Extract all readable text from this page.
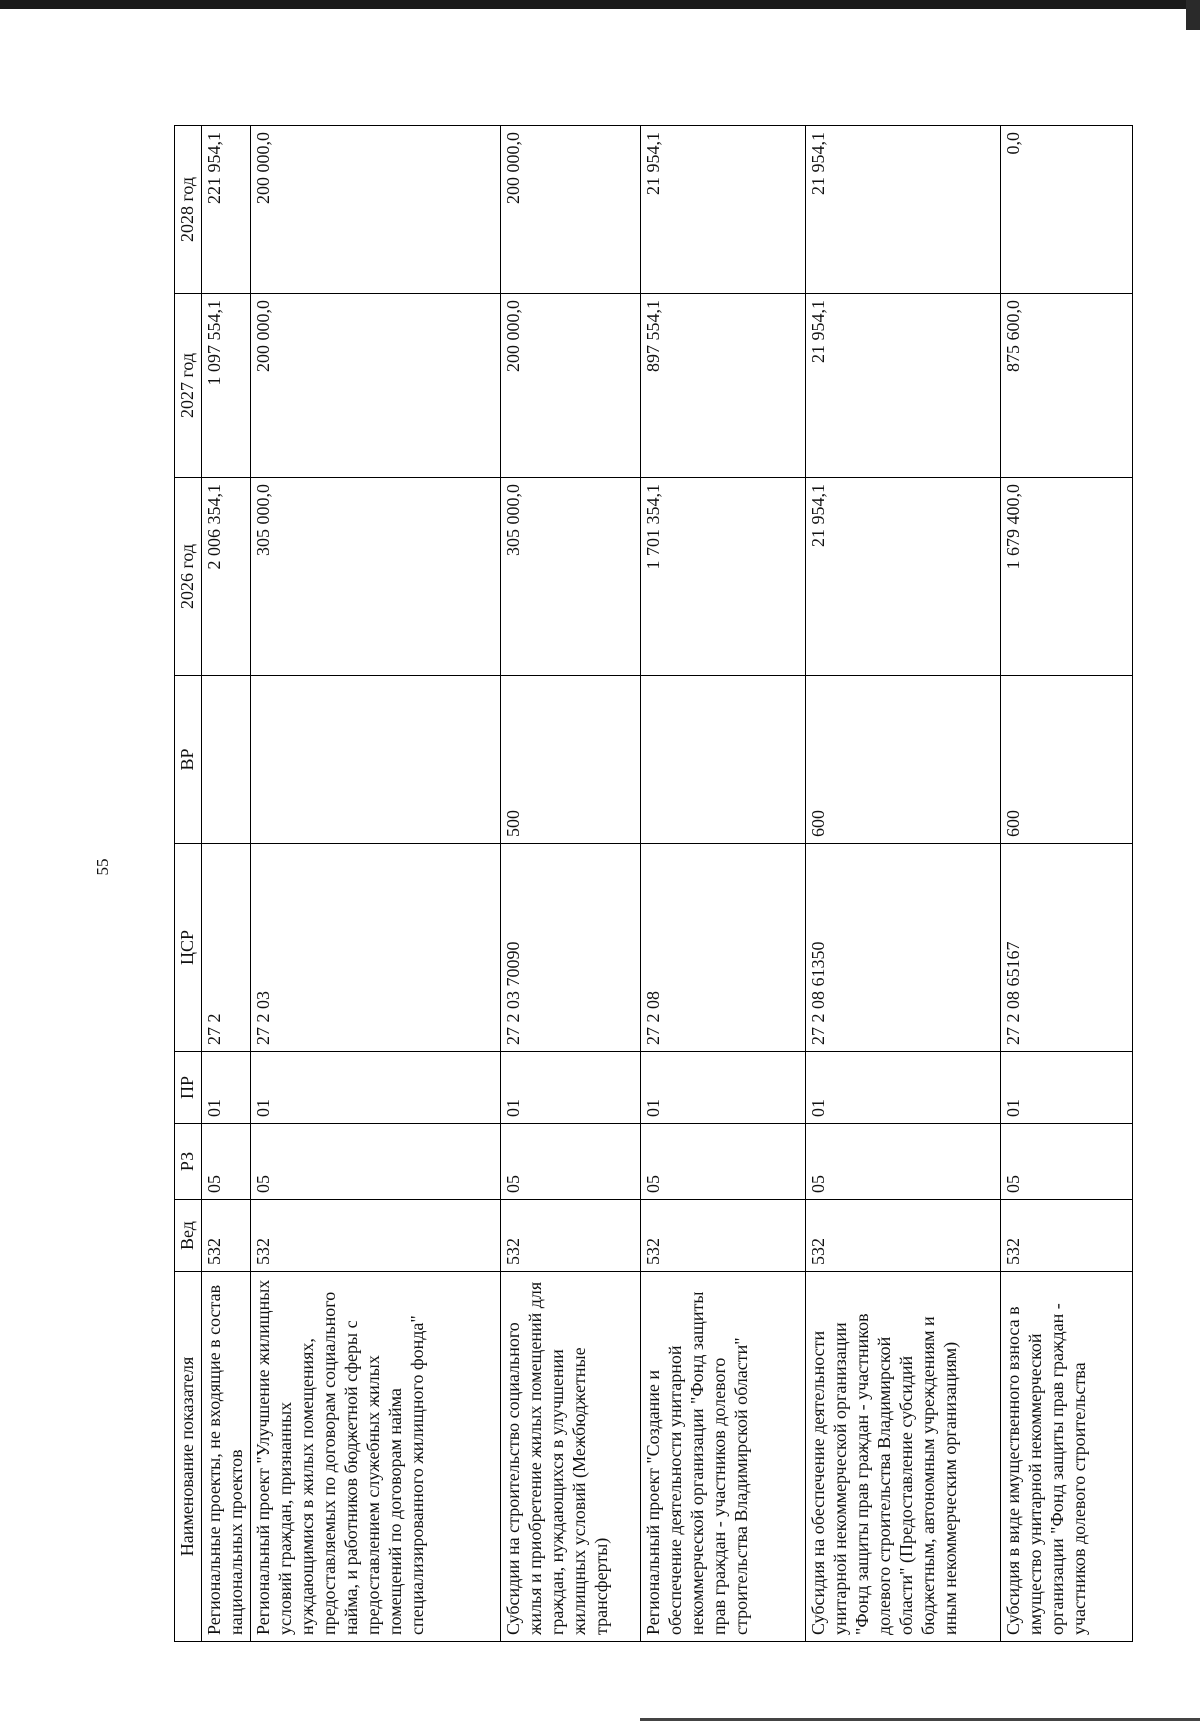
55
Наименование показателя	Вед	РЗ	ПР	ЦСР	ВР	2026 год	2027 год	2028 год
Региональные проекты, не входящие в состав национальных проектов	532	05	01	27 2		2 006 354,1	1 097 554,1	221 954,1
Региональный проект "Улучшение жилищных условий граждан, признанных нуждающимися в жилых помещениях, предоставляемых по договорам социального найма, и работников бюджетной сферы с предоставлением служебных жилых помещений по договорам найма специализированного жилищного фонда"	532	05	01	27 2 03		305 000,0	200 000,0	200 000,0
Субсидии на строительство социального жилья и приобретение жилых помещений для граждан, нуждающихся в улучшении жилищных условий (Межбюджетные трансферты)	532	05	01	27 2 03 70090	500	305 000,0	200 000,0	200 000,0
Региональный проект "Создание и обеспечение деятельности унитарной некоммерческой организации "Фонд защиты прав граждан - участников долевого строительства Владимирской области"	532	05	01	27 2 08		1 701 354,1	897 554,1	21 954,1
Субсидия на обеспечение деятельности унитарной некоммерческой организации "Фонд защиты прав граждан - участников долевого строительства Владимирской области" (Предоставление субсидий бюджетным, автономным учреждениям и иным некоммерческим организациям)	532	05	01	27 2 08 61350	600	21 954,1	21 954,1	21 954,1
Субсидия в виде имущественного взноса в имущество унитарной некоммерческой организации "Фонд защиты прав граждан - участников долевого строительства	532	05	01	27 2 08 65167	600	1 679 400,0	875 600,0	0,0
